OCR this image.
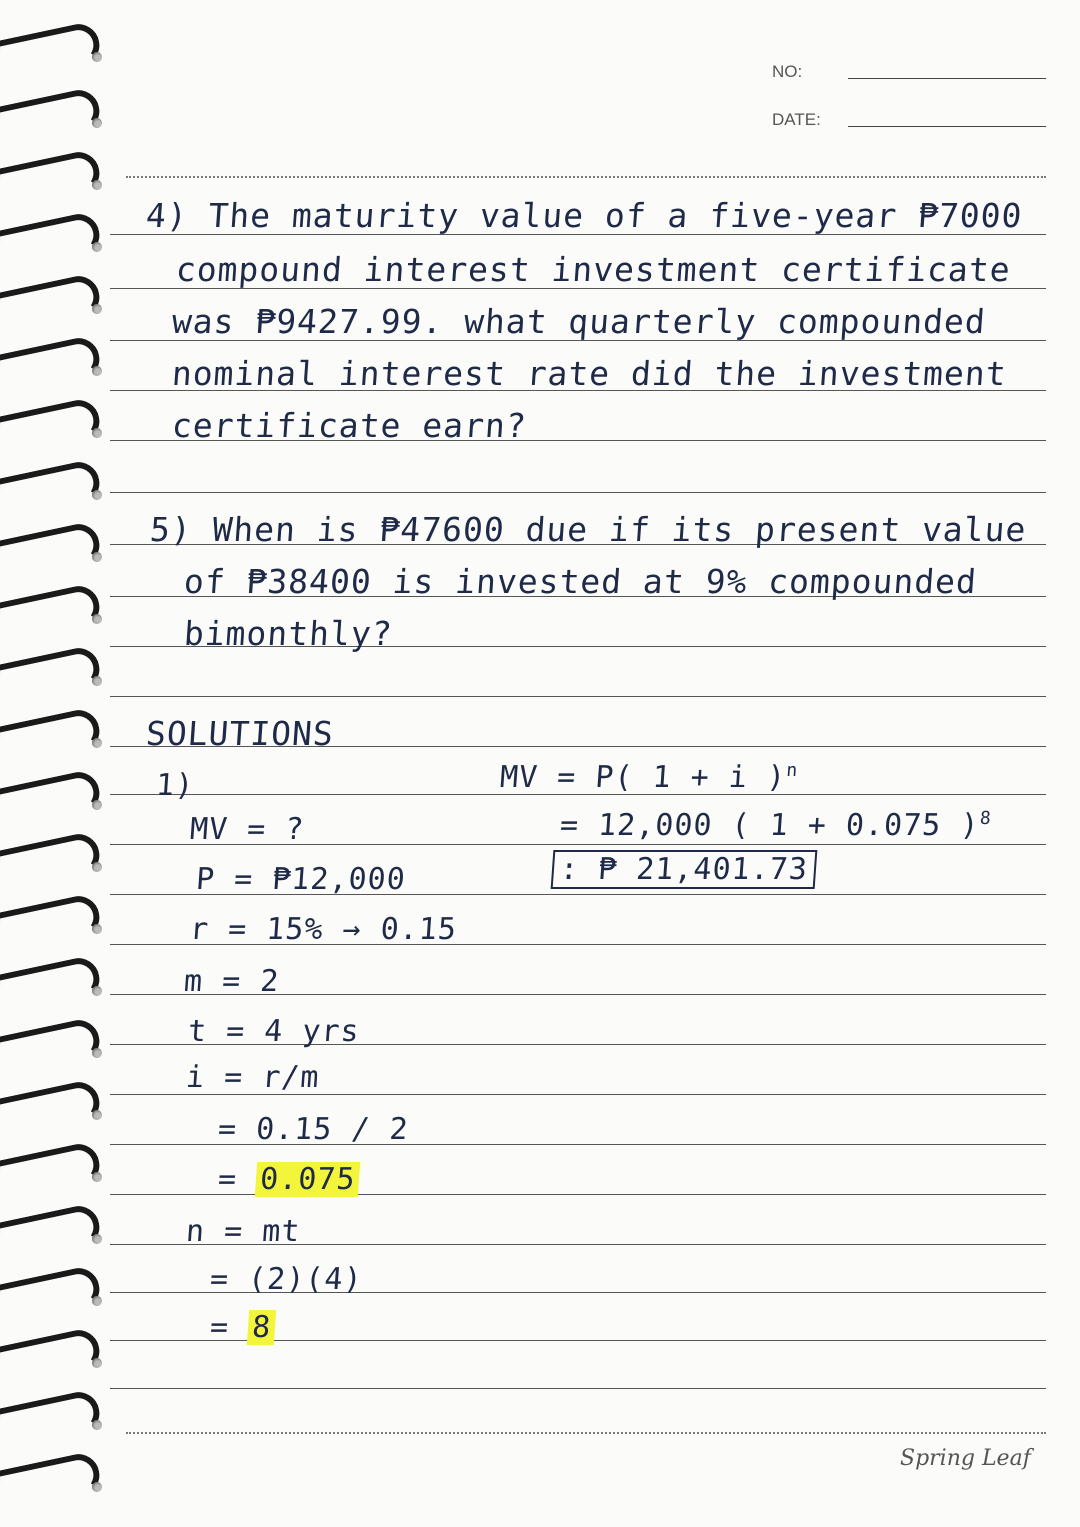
NO:
DATE:
4) The maturity value of a five-year ₱7000
compound interest investment certificate
was ₱9427.99. what quarterly compounded
nominal interest rate did the investment
certificate earn?
5) When is ₱47600 due if its present value
of ₱38400 is invested at 9% compounded
bimonthly?
SOLUTIONS
1)
MV = ?
P = ₱12,000
r = 15% → 0.15
m = 2
t = 4 yrs
i = r/m
= 0.15 / 2
= 0.075
n = mt
= (2)(4)
= 8
MV = P( 1 + i )$^n$
= 12,000 ( 1 + 0.075 )$^8$
: ₱ 21,401.73
Spring Leaf
